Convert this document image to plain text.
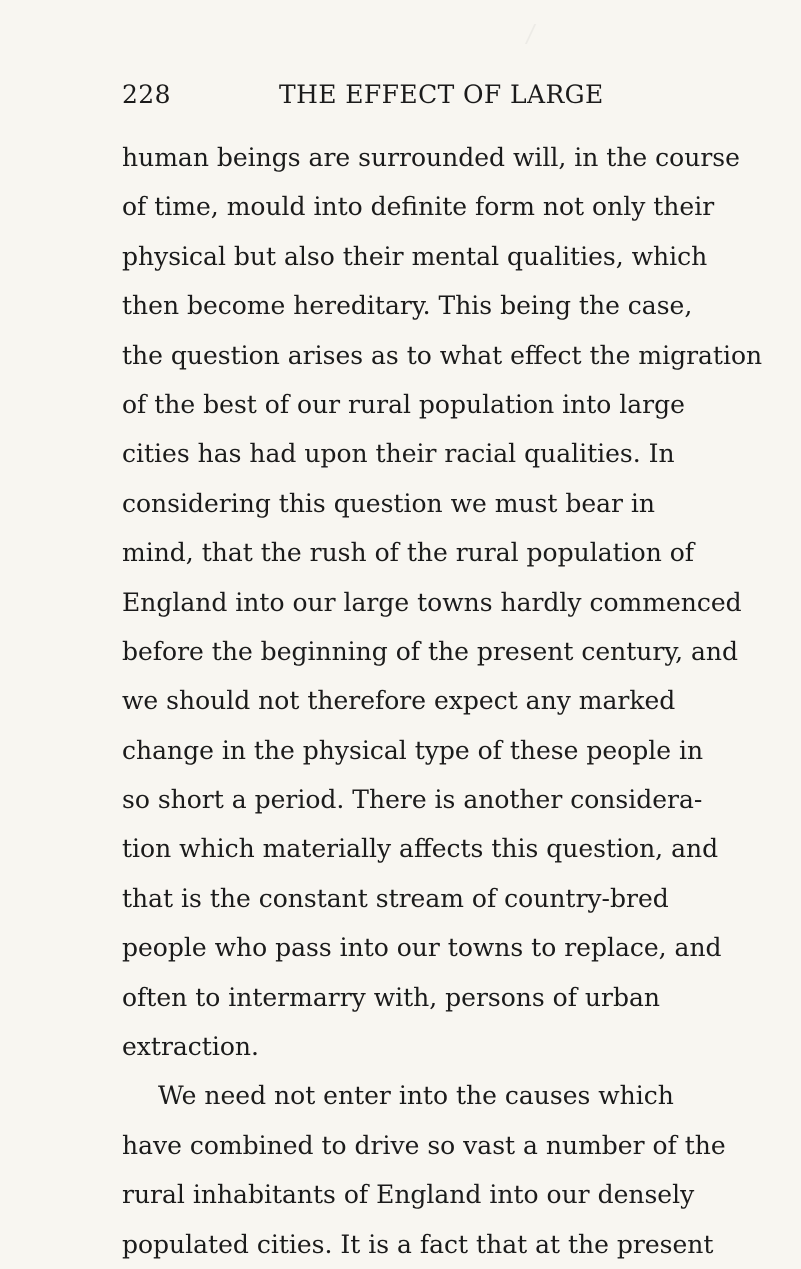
228	THE EFFECT OF LARGE
human beings are surrounded will, in the course
of time, mould into definite form not only their
physical but also their mental qualities, which
then become hereditary. This being the case,
the question arises as to what effect the migration
of the best of our rural population into large
cities has had upon their racial qualities. In
considering this question we must bear in
mind, that the rush of the rural population of
England into our large towns hardly commenced
before the beginning of the present century, and
we should not therefore expect any marked
change in the physical type of these people in
so short a period. There is another considera-
tion which materially affects this question, and
that is the constant stream of country-bred
people who pass into our towns to replace, and
often to intermarry with, persons of urban
extraction.
We need not enter into the causes which
have combined to drive so vast a number of the
rural inhabitants of England into our densely
populated cities. It is a fact that at the present
